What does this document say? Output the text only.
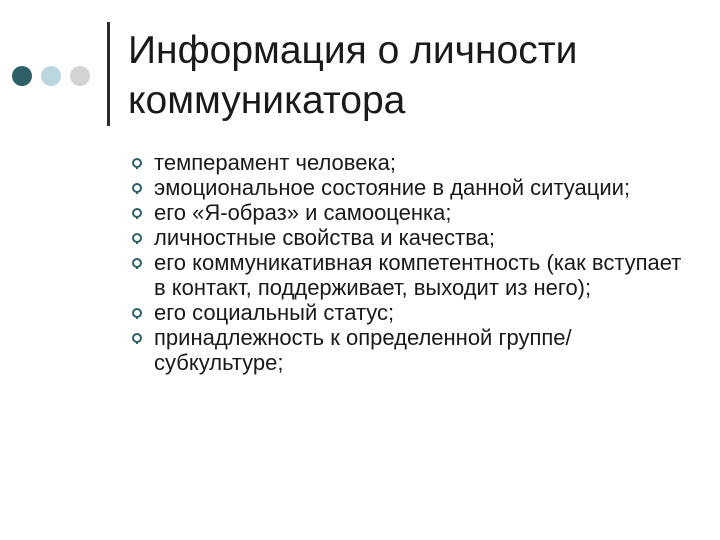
Информация о личности
коммуникатора
темперамент человека;
эмоциональное состояние в данной ситуации;
его «Я-образ» и самооценка;
личностные свойства и качества;
его коммуникативная компетентность (как вступает в контакт, поддерживает, выходит из него);
его социальный статус;
принадлежность к определенной группе/субкультуре;
